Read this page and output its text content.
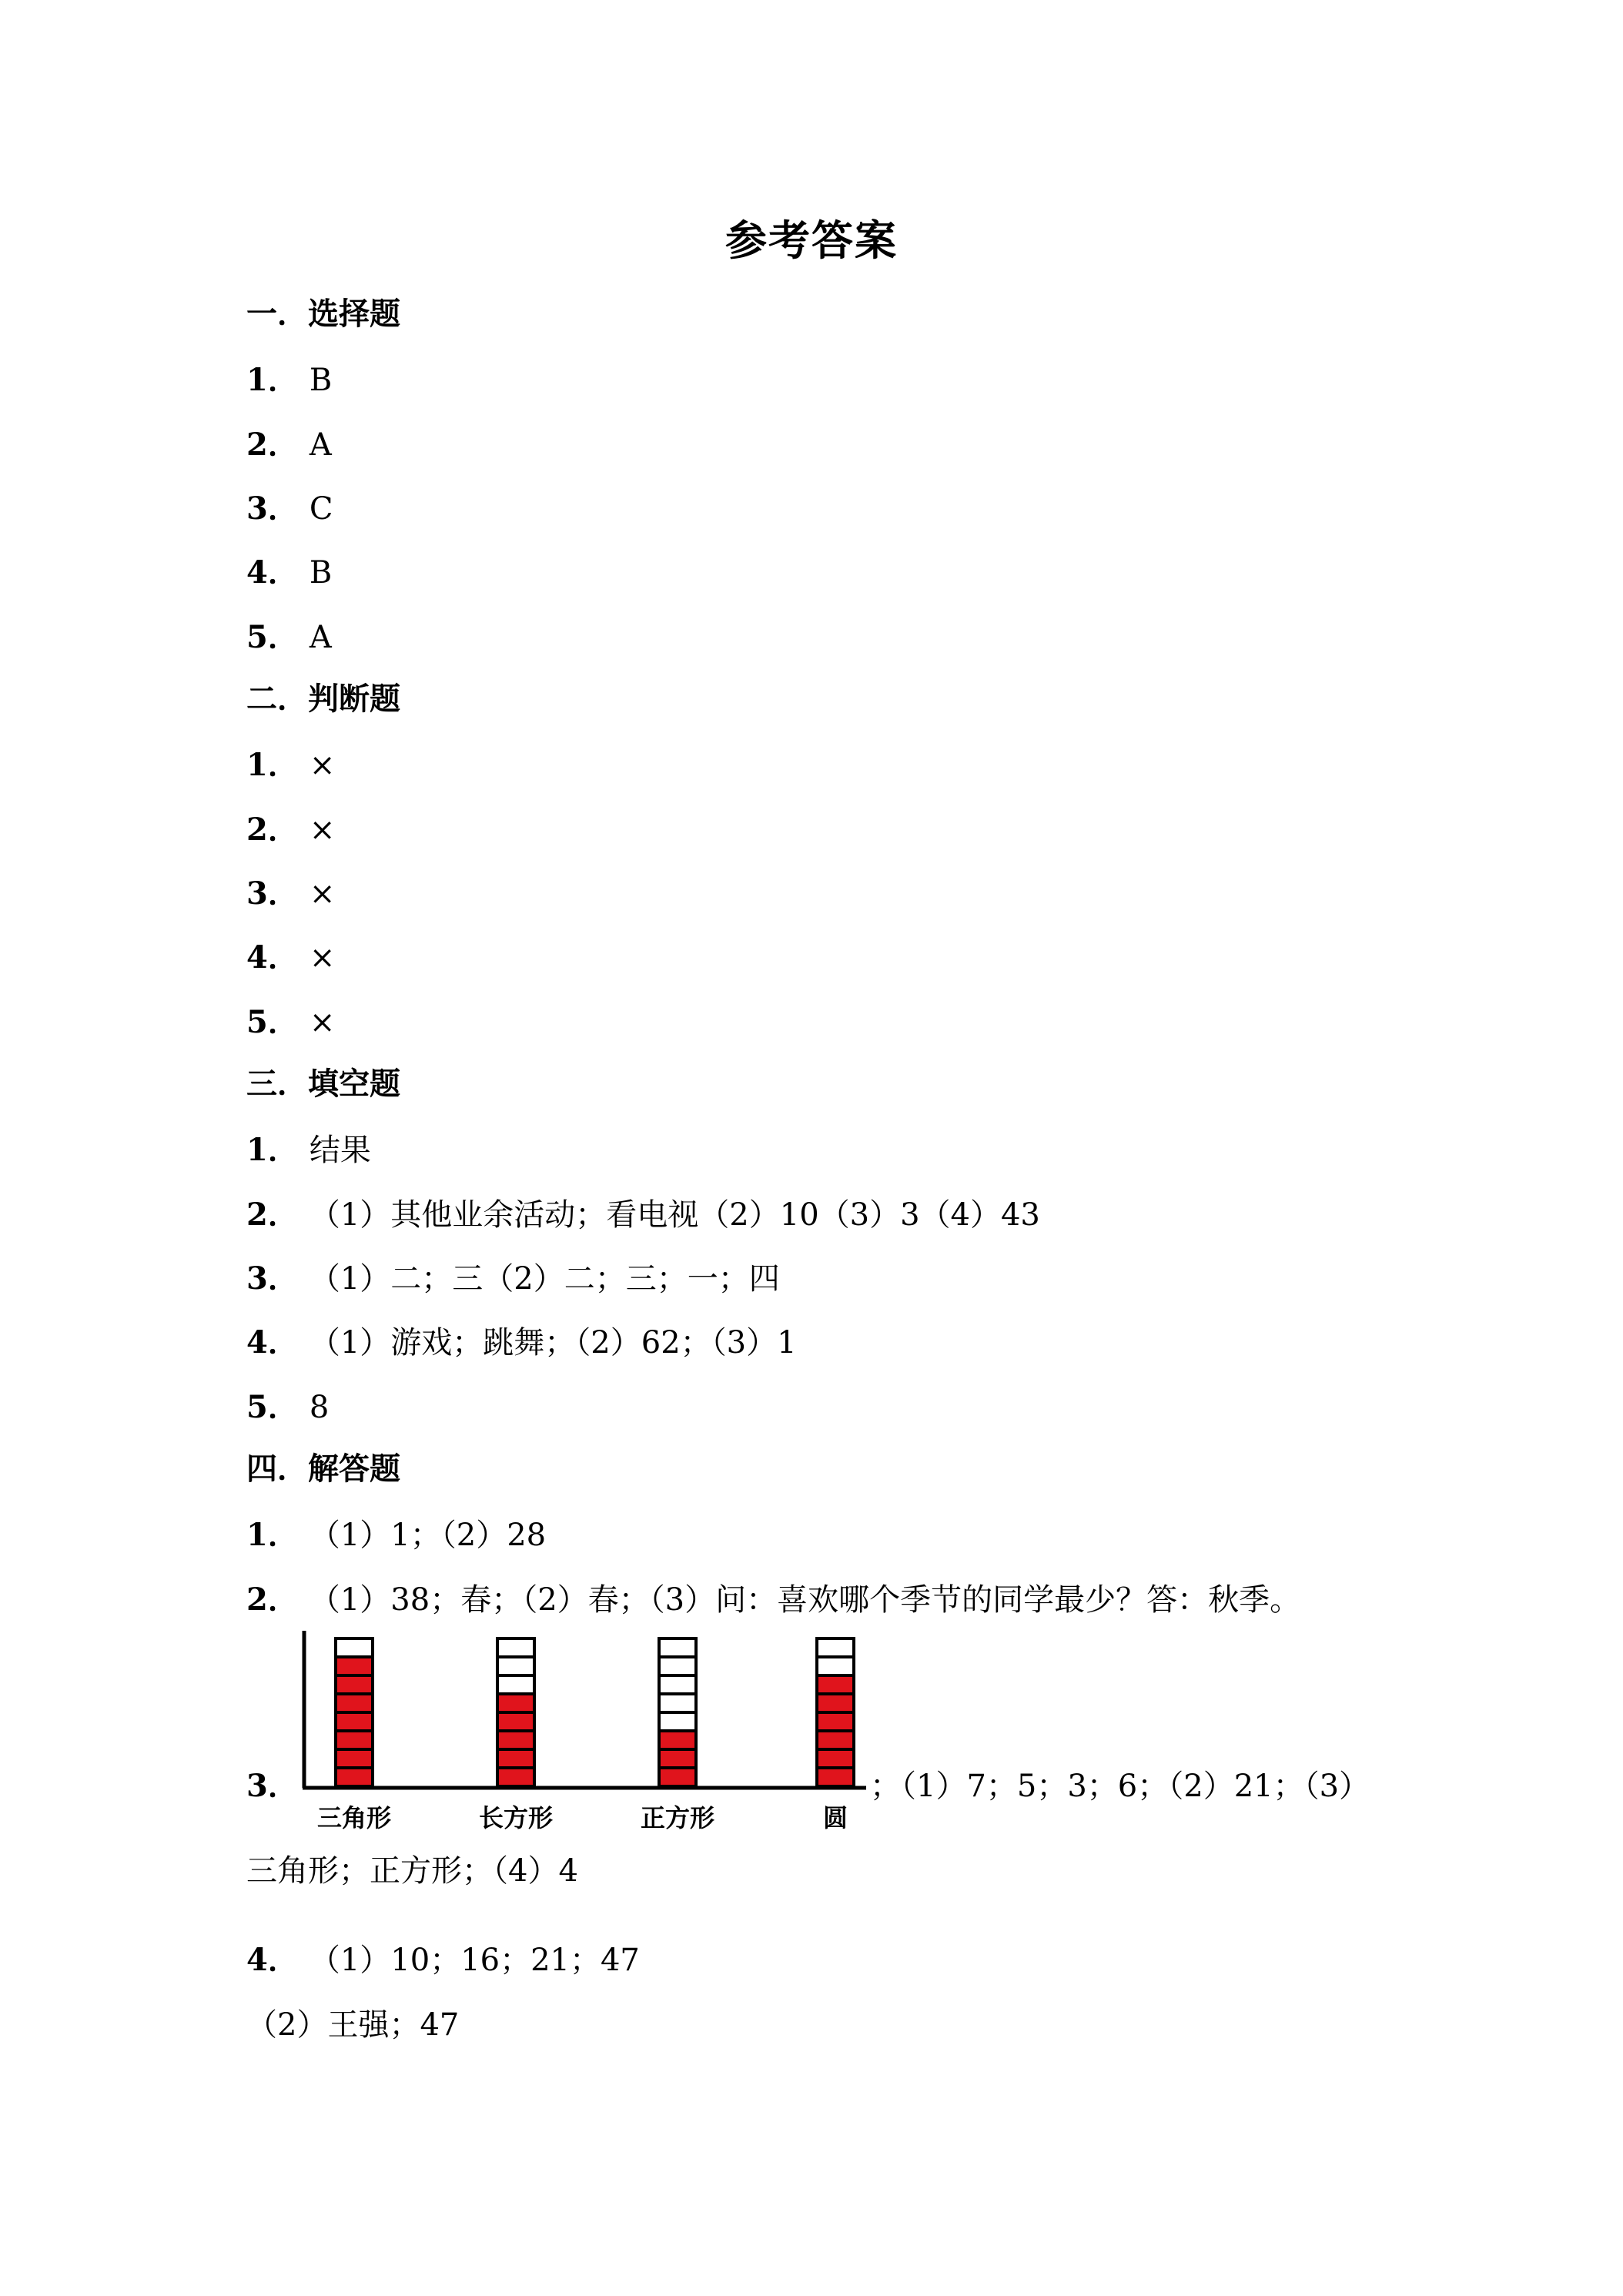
参考答案
一．选择题
1． B
2． A
3． C
4． B
5． A
二．判断题
1． ×
2． ×
3． ×
4． ×
5． ×
三．填空题
1． 结果
2． （1）其他业余活动；看电视（2）10（3）3（4）43
3． （1）二；三（2）二；三；一；四
4． （1）游戏；跳舞；（2）62；（3）1
5． 8
四．解答题
1． （1）1；（2）28
2． （1）38；春；（2）春；（3）问：喜欢哪个季节的同学最少？答：秋季。
3．
三角形	长方形	正方形	圆
；（1）7；5；3；6；（2）21；（3）
三角形；正方形；（4）4
4． （1）10；16；21；47
（2）王强；47
